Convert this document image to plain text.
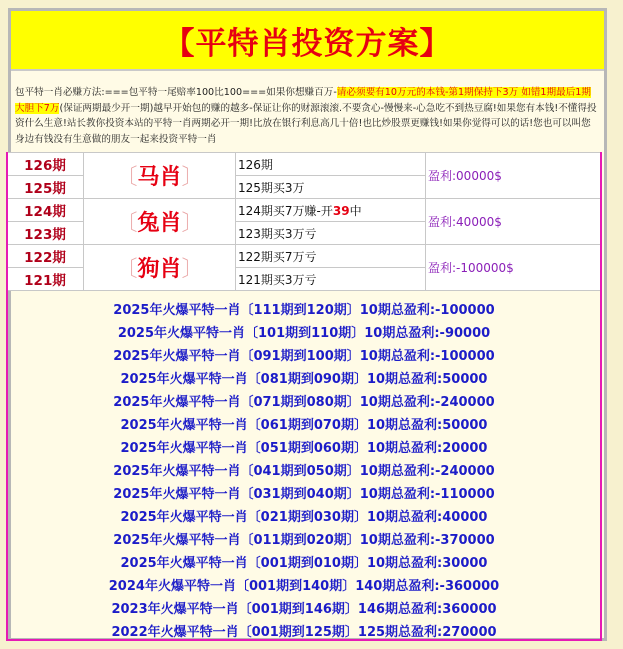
【平特肖投资方案】
包平特一肖必赚方法:===包平特一尾赔率100比100===如果你想赚百万-请必须要有10万元的本钱-第1期保持下3万 如错1期最后1期大胆下7万(保证两期最少开一期)越早开始包的赚的越多-保证让你的财源滚滚.不要贪心-慢慢来-心急吃不到热豆腐!如果您有本钱!不懂得投资什么生意!站长教你投资本站的平特一肖两期必开一期!比放在银行利息高几十倍!也比炒股票更赚钱!如果你觉得可以的话!您也可以叫您身边有钱没有生意做的朋友一起来投资平特一肖
126期	〔马肖〕	126期	盈利:00000$
125期		125期买3万	
124期	〔兔肖〕	124期买7万赚-开39中	盈利:40000$
123期		123期买3万亏	
122期	〔狗肖〕	122期买7万亏	盈利:-100000$
121期		121期买3万亏	
2025年火爆平特一肖〔111期到120期〕10期总盈利:-100000
2025年火爆平特一肖〔101期到110期〕10期总盈利:-90000
2025年火爆平特一肖〔091期到100期〕10期总盈利:-100000
2025年火爆平特一肖〔081期到090期〕10期总盈利:50000
2025年火爆平特一肖〔071期到080期〕10期总盈利:-240000
2025年火爆平特一肖〔061期到070期〕10期总盈利:50000
2025年火爆平特一肖〔051期到060期〕10期总盈利:20000
2025年火爆平特一肖〔041期到050期〕10期总盈利:-240000
2025年火爆平特一肖〔031期到040期〕10期总盈利:-110000
2025年火爆平特一肖〔021期到030期〕10期总盈利:40000
2025年火爆平特一肖〔011期到020期〕10期总盈利:-370000
2025年火爆平特一肖〔001期到010期〕10期总盈利:30000
2024年火爆平特一肖〔001期到140期〕140期总盈利:-360000
2023年火爆平特一肖〔001期到146期〕146期总盈利:360000
2022年火爆平特一肖〔001期到125期〕125期总盈利:270000
